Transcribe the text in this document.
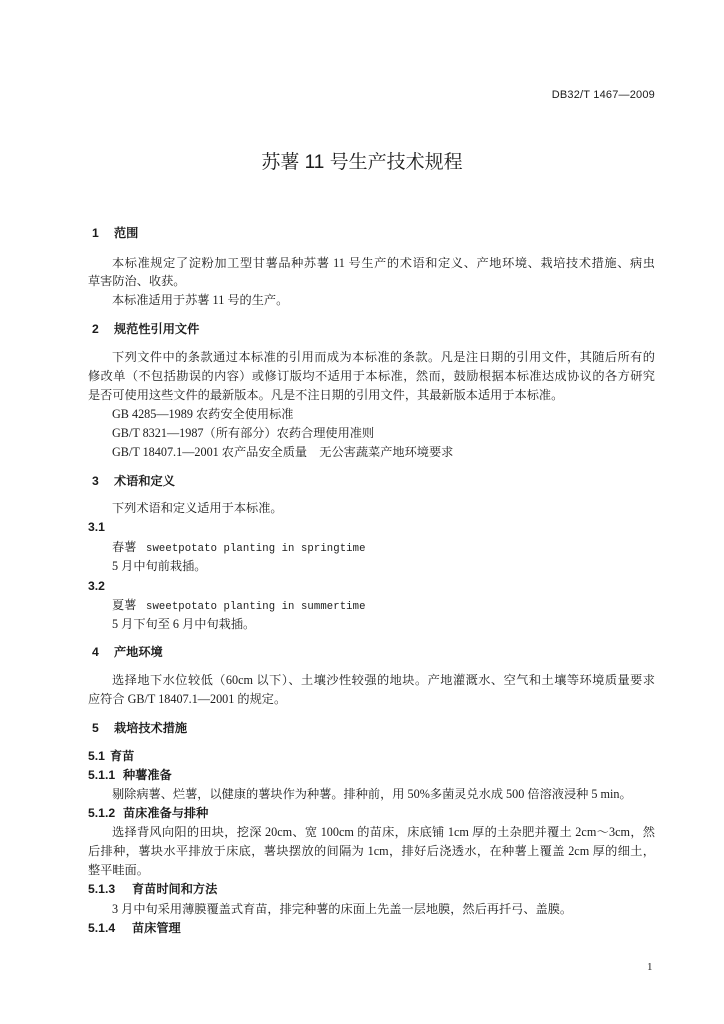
DB32/T 1467—2009
苏薯 11 号生产技术规程
1 范围
本标准规定了淀粉加工型甘薯品种苏薯 11 号生产的术语和定义、产地环境、栽培技术措施、病虫
草害防治、收获。
本标准适用于苏薯 11 号的生产。
2 规范性引用文件
下列文件中的条款通过本标准的引用而成为本标准的条款。凡是注日期的引用文件，其随后所有的
修改单（不包括勘误的内容）或修订版均不适用于本标准，然而，鼓励根据本标准达成协议的各方研究
是否可使用这些文件的最新版本。凡是不注日期的引用文件，其最新版本适用于本标准。
GB 4285—1989 农药安全使用标准
GB/T 8321—1987（所有部分）农药合理使用准则
GB/T 18407.1—2001 农产品安全质量　无公害蔬菜产地环境要求
3 术语和定义
下列术语和定义适用于本标准。
3.1
春薯 sweetpotato planting in springtime
5 月中旬前栽插。
3.2
夏薯 sweetpotato planting in summertime
5 月下旬至 6 月中旬栽插。
4 产地环境
选择地下水位较低（60cm 以下）、土壤沙性较强的地块。产地灌溉水、空气和土壤等环境质量要求
应符合 GB/T 18407.1—2001 的规定。
5 栽培技术措施
5.1 育苗
5.1.1 种薯准备
剔除病薯、烂薯，以健康的薯块作为种薯。排种前，用 50%多菌灵兑水成 500 倍溶液浸种 5 min。
5.1.2 苗床准备与排种
选择背风向阳的田块，挖深 20cm、宽 100cm 的苗床，床底铺 1cm 厚的土杂肥并覆土 2cm～3cm，然
后排种，薯块水平排放于床底，薯块摆放的间隔为 1cm，排好后浇透水，在种薯上覆盖 2cm 厚的细土，
整平畦面。
5.1.3 育苗时间和方法
3 月中旬采用薄膜覆盖式育苗，排完种薯的床面上先盖一层地膜，然后再扦弓、盖膜。
5.1.4 苗床管理
1
